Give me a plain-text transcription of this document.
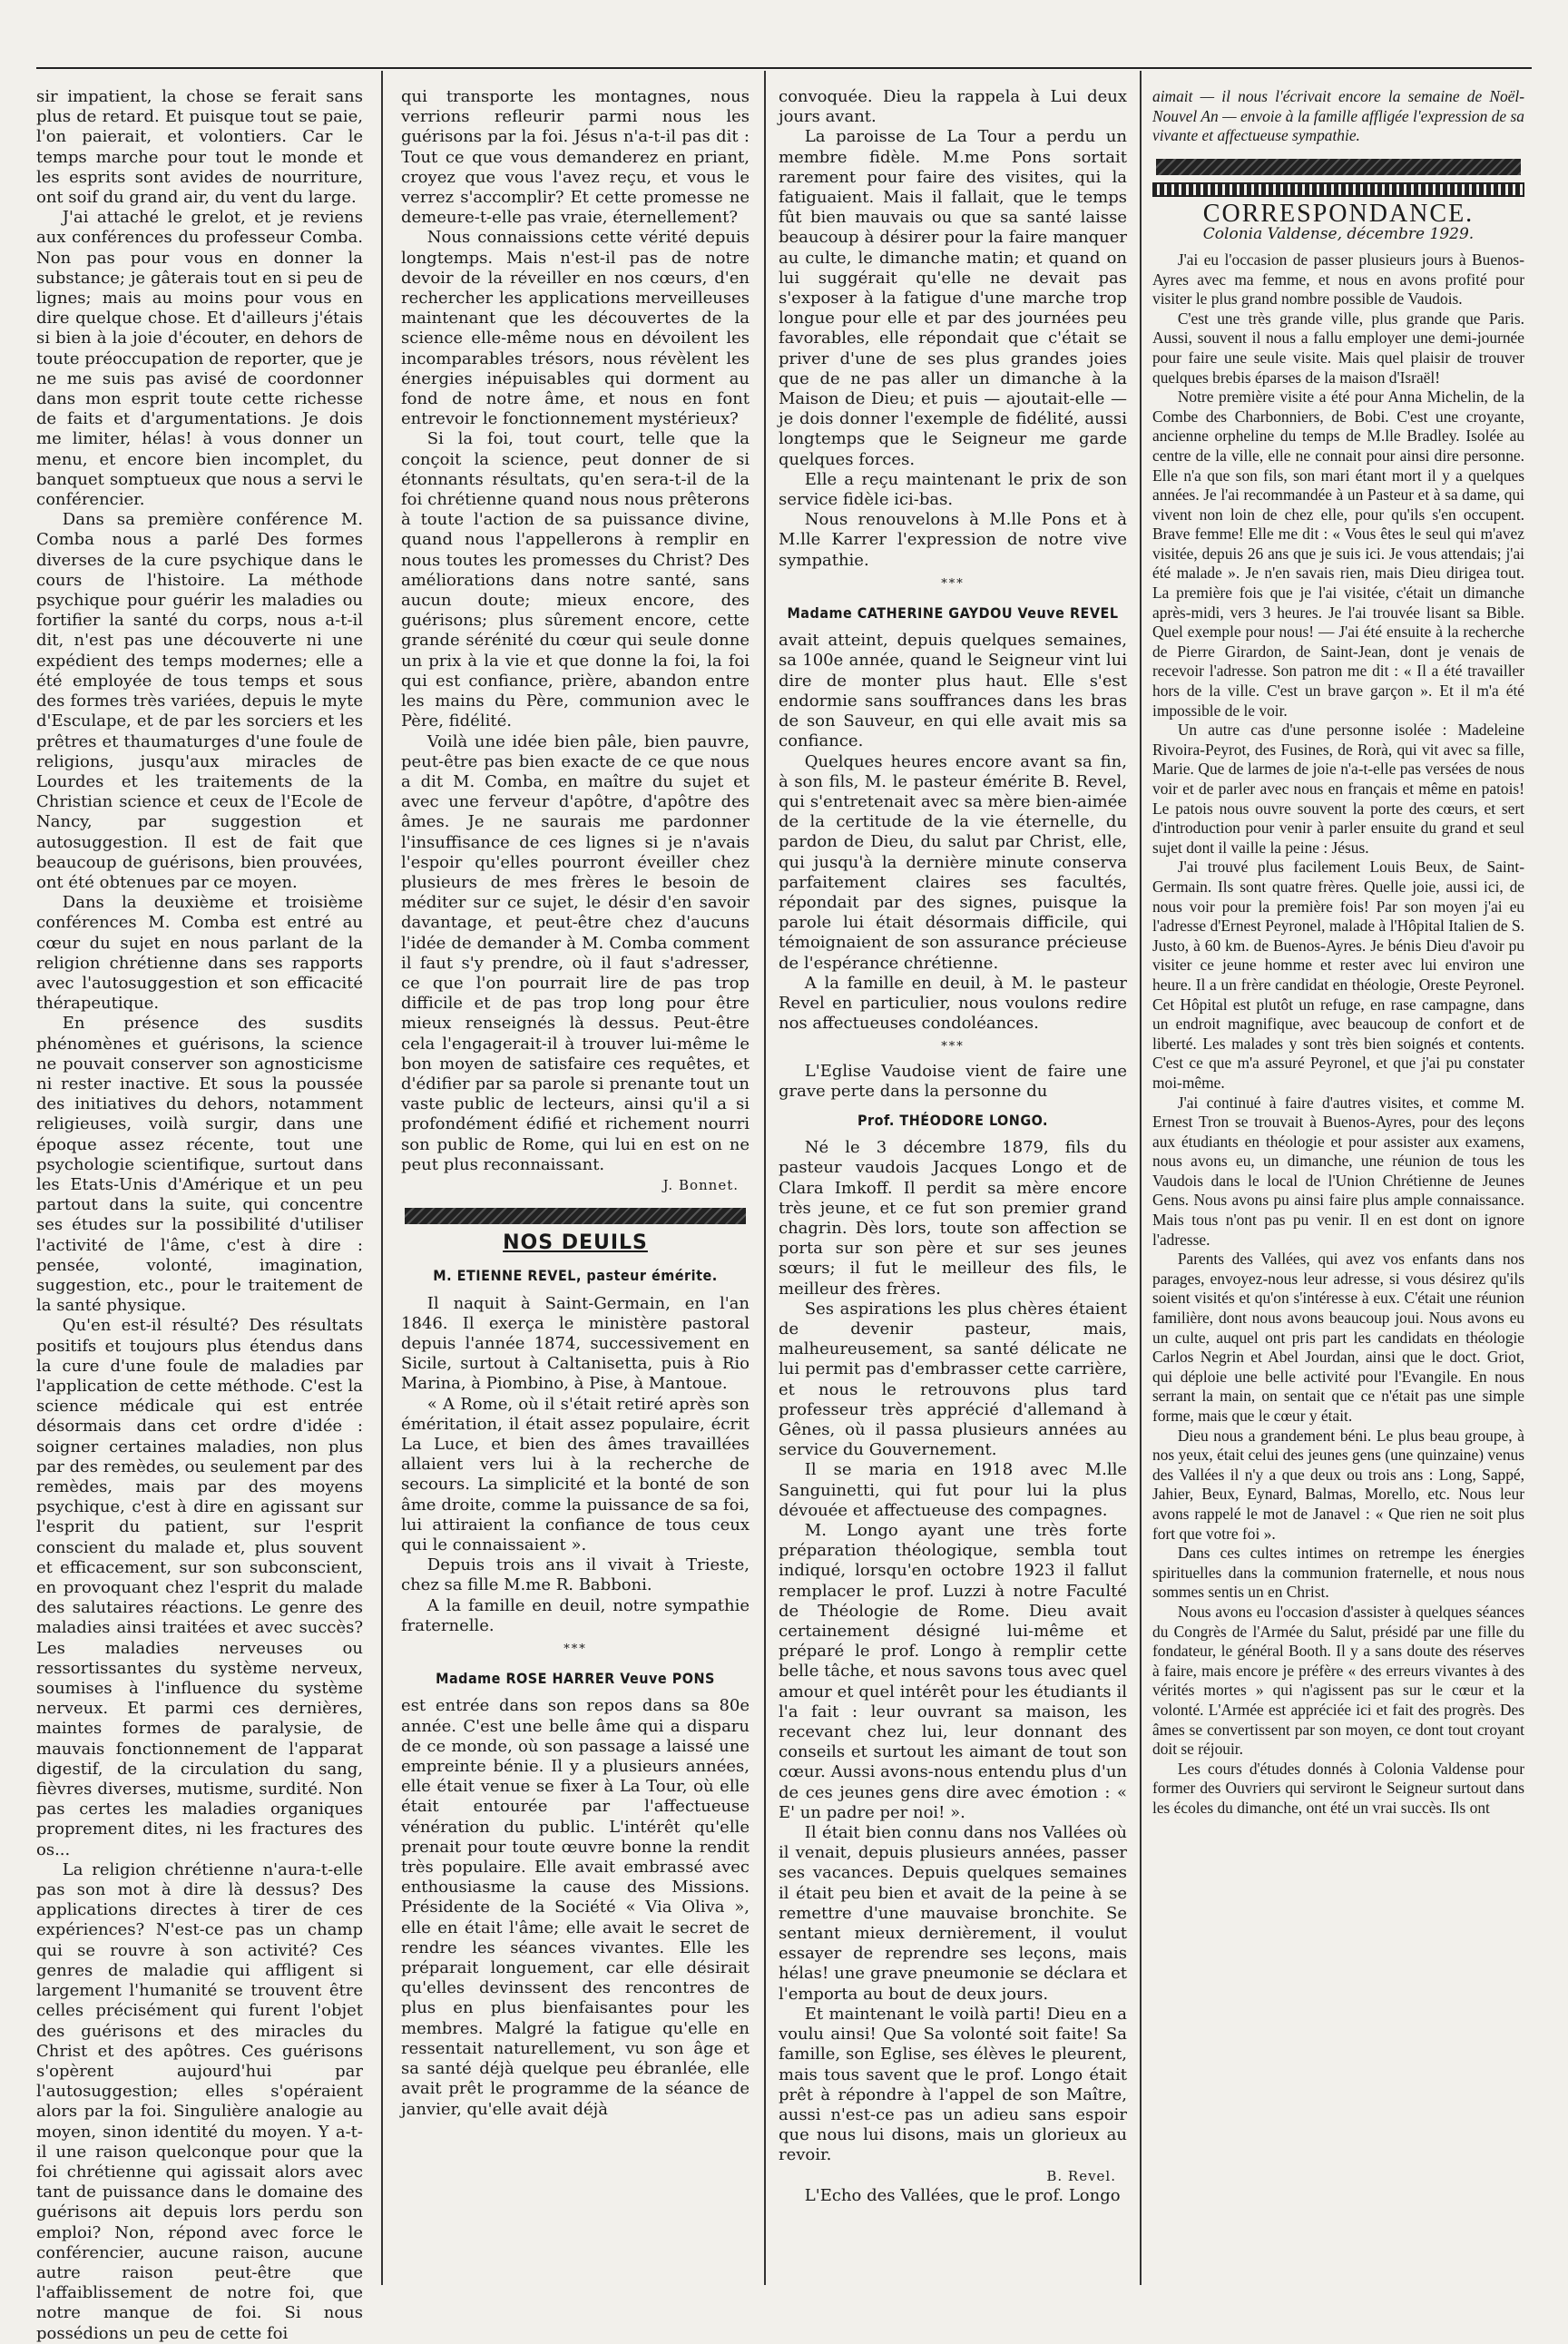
sir impatient, la chose se ferait sans plus de retard. Et puisque tout se paie, l'on paierait, et volontiers. Car le temps marche pour tout le monde et les esprits sont avides de nourriture, ont soif du grand air, du vent du large.

J'ai attaché le grelot, et je reviens aux conférences du professeur Comba. Non pas pour vous en donner la substance; je gâterais tout en si peu de lignes; mais au moins pour vous en dire quelque chose. Et d'ailleurs j'étais si bien à la joie d'écouter, en dehors de toute préoccupation de reporter, que je ne me suis pas avisé de coordonner dans mon esprit toute cette richesse de faits et d'argumentations. Je dois me limiter, hélas! à vous donner un menu, et encore bien incomplet, du banquet somptueux que nous a servi le conférencier.

Dans sa première conférence M. Comba nous a parlé Des formes diverses de la cure psychique dans le cours de l'histoire. La méthode psychique pour guérir les maladies ou fortifier la santé du corps, nous a-t-il dit, n'est pas une découverte ni une expédient des temps modernes; elle a été employée de tous temps et sous des formes très variées, depuis le myte d'Esculape, et de par les sorciers et les prêtres et thaumaturges d'une foule de religions, jusqu'aux miracles de Lourdes et les traitements de la Christian science et ceux de l'Ecole de Nancy, par suggestion et autosuggestion. Il est de fait que beaucoup de guérisons, bien prouvées, ont été obtenues par ce moyen.

Dans la deuxième et troisième conférences M. Comba est entré au cœur du sujet en nous parlant de la religion chrétienne dans ses rapports avec l'autosuggestion et son efficacité thérapeutique.

En présence des susdits phénomènes et guérisons, la science ne pouvait conserver son agnosticisme ni rester inactive. Et sous la poussée des initiatives du dehors, notamment religieuses, voilà surgir, dans une époque assez récente, tout une psychologie scientifique, surtout dans les Etats-Unis d'Amérique et un peu partout dans la suite, qui concentre ses études sur la possibilité d'utiliser l'activité de l'âme, c'est à dire : pensée, volonté, imagination, suggestion, etc., pour le traitement de la santé physique.

Qu'en est-il résulté? Des résultats positifs et toujours plus étendus dans la cure d'une foule de maladies par l'application de cette méthode. C'est la science médicale qui est entrée désormais dans cet ordre d'idée : soigner certaines maladies, non plus par des remèdes, ou seulement par des remèdes, mais par des moyens psychique, c'est à dire en agissant sur l'esprit du patient, sur l'esprit conscient du malade et, plus souvent et efficacement, sur son subconscient, en provoquant chez l'esprit du malade des salutaires réactions. Le genre des maladies ainsi traitées et avec succès? Les maladies nerveuses ou ressortissantes du système nerveux, soumises à l'influence du système nerveux. Et parmi ces dernières, maintes formes de paralysie, de mauvais fonctionnement de l'apparat digestif, de la circulation du sang, fièvres diverses, mutisme, surdité. Non pas certes les maladies organiques proprement dites, ni les fractures des os...

La religion chrétienne n'aura-t-elle pas son mot à dire là dessus? Des applications directes à tirer de ces expériences? N'est-ce pas un champ qui se rouvre à son activité? Ces genres de maladie qui affligent si largement l'humanité se trouvent être celles précisément qui furent l'objet des guérisons et des miracles du Christ et des apôtres. Ces guérisons s'opèrent aujourd'hui par l'autosuggestion; elles s'opéraient alors par la foi. Singulière analogie au moyen, sinon identité du moyen. Y a-t-il une raison quelconque pour que la foi chrétienne qui agissait alors avec tant de puissance dans le domaine des guérisons ait depuis lors perdu son emploi? Non, répond avec force le conférencier, aucune raison, aucune autre raison peut-être que l'affaiblissement de notre foi, que notre manque de foi. Si nous possédions un peu de cette foi

qui transporte les montagnes, nous verrions refleurir parmi nous les guérisons par la foi. Jésus n'a-t-il pas dit : Tout ce que vous demanderez en priant, croyez que vous l'avez reçu, et vous le verrez s'accomplir? Et cette promesse ne demeure-t-elle pas vraie, éternellement?

Nous connaissions cette vérité depuis longtemps. Mais n'est-il pas de notre devoir de la réveiller en nos cœurs, d'en rechercher les applications merveilleuses maintenant que les découvertes de la science elle-même nous en dévoilent les incomparables trésors, nous révèlent les énergies inépuisables qui dorment au fond de notre âme, et nous en font entrevoir le fonctionnement mystérieux?

Si la foi, tout court, telle que la conçoit la science, peut donner de si étonnants résultats, qu'en sera-t-il de la foi chrétienne quand nous nous prêterons à toute l'action de sa puissance divine, quand nous l'appellerons à remplir en nous toutes les promesses du Christ? Des améliorations dans notre santé, sans aucun doute; mieux encore, des guérisons; plus sûrement encore, cette grande sérénité du cœur qui seule donne un prix à la vie et que donne la foi, la foi qui est confiance, prière, abandon entre les mains du Père, communion avec le Père, fidélité.

Voilà une idée bien pâle, bien pauvre, peut-être pas bien exacte de ce que nous a dit M. Comba, en maître du sujet et avec une ferveur d'apôtre, d'apôtre des âmes. Je ne saurais me pardonner l'insuffisance de ces lignes si je n'avais l'espoir qu'elles pourront éveiller chez plusieurs de mes frères le besoin de méditer sur ce sujet, le désir d'en savoir davantage, et peut-être chez d'aucuns l'idée de demander à M. Comba comment il faut s'y prendre, où il faut s'adresser, ce que l'on pourrait lire de pas trop difficile et de pas trop long pour être mieux renseignés là dessus. Peut-être cela l'engagerait-il à trouver lui-même le bon moyen de satisfaire ces requêtes, et d'édifier par sa parole si prenante tout un vaste public de lecteurs, ainsi qu'il a si profondément édifié et richement nourri son public de Rome, qui lui en est on ne peut plus reconnaissant.

J. Bonnet.
NOS DEUILS
M. ETIENNE REVEL, pasteur émérite.

Il naquit à Saint-Germain, en l'an 1846. Il exerça le ministère pastoral depuis l'année 1874, successivement en Sicile, surtout à Caltanisetta, puis à Rio Marina, à Piombino, à Pise, à Mantoue.

« A Rome, où il s'était retiré après son éméritation, il était assez populaire, écrit La Luce, et bien des âmes travaillées allaient vers lui à la recherche de secours. La simplicité et la bonté de son âme droite, comme la puissance de sa foi, lui attiraient la confiance de tous ceux qui le connaissaient ».

Depuis trois ans il vivait à Trieste, chez sa fille M.me R. Babboni.

A la famille en deuil, notre sympathie fraternelle.

***
Madame ROSE HARRER Veuve PONS

est entrée dans son repos dans sa 80e année. C'est une belle âme qui a disparu de ce monde, où son passage a laissé une empreinte bénie. Il y a plusieurs années, elle était venue se fixer à La Tour, où elle était entourée par l'affectueuse vénération du public. L'intérêt qu'elle prenait pour toute œuvre bonne la rendit très populaire. Elle avait embrassé avec enthousiasme la cause des Missions. Présidente de la Société « Via Oliva », elle en était l'âme; elle avait le secret de rendre les séances vivantes. Elle les préparait longuement, car elle désirait qu'elles devinssent des rencontres de plus en plus bienfaisantes pour les membres. Malgré la fatigue qu'elle en ressentait naturellement, vu son âge et sa santé déjà quelque peu ébranlée, elle avait prêt le programme de la séance de janvier, qu'elle avait déjà

convoquée. Dieu la rappela à Lui deux jours avant.

La paroisse de La Tour a perdu un membre fidèle. M.me Pons sortait rarement pour faire des visites, qui la fatiguaient. Mais il fallait, que le temps fût bien mauvais ou que sa santé laisse beaucoup à désirer pour la faire manquer au culte, le dimanche matin; et quand on lui suggérait qu'elle ne devait pas s'exposer à la fatigue d'une marche trop longue pour elle et par des journées peu favorables, elle répondait que c'était se priver d'une de ses plus grandes joies que de ne pas aller un dimanche à la Maison de Dieu; et puis — ajoutait-elle — je dois donner l'exemple de fidélité, aussi longtemps que le Seigneur me garde quelques forces.

Elle a reçu maintenant le prix de son service fidèle ici-bas.

Nous renouvelons à M.lle Pons et à M.lle Karrer l'expression de notre vive sympathie.

***
Madame CATHERINE GAYDOU Veuve REVEL

avait atteint, depuis quelques semaines, sa 100e année, quand le Seigneur vint lui dire de monter plus haut. Elle s'est endormie sans souffrances dans les bras de son Sauveur, en qui elle avait mis sa confiance.

Quelques heures encore avant sa fin, à son fils, M. le pasteur émérite B. Revel, qui s'entretenait avec sa mère bien-aimée de la certitude de la vie éternelle, du pardon de Dieu, du salut par Christ, elle, qui jusqu'à la dernière minute conserva parfaitement claires ses facultés, répondait par des signes, puisque la parole lui était désormais difficile, qui témoignaient de son assurance précieuse de l'espérance chrétienne.

A la famille en deuil, à M. le pasteur Revel en particulier, nous voulons redire nos affectueuses condoléances.

***

L'Eglise Vaudoise vient de faire une grave perte dans la personne du

Prof. THÉODORE LONGO.

Né le 3 décembre 1879, fils du pasteur vaudois Jacques Longo et de Clara Imkoff. Il perdit sa mère encore très jeune, et ce fut son premier grand chagrin. Dès lors, toute son affection se porta sur son père et sur ses jeunes sœurs; il fut le meilleur des fils, le meilleur des frères.

Ses aspirations les plus chères étaient de devenir pasteur, mais, malheureusement, sa santé délicate ne lui permit pas d'embrasser cette carrière, et nous le retrouvons plus tard professeur très apprécié d'allemand à Gênes, où il passa plusieurs années au service du Gouvernement.

Il se maria en 1918 avec M.lle Sanguinetti, qui fut pour lui la plus dévouée et affectueuse des compagnes.

M. Longo ayant une très forte préparation théologique, sembla tout indiqué, lorsqu'en octobre 1923 il fallut remplacer le prof. Luzzi à notre Faculté de Théologie de Rome. Dieu avait certainement désigné lui-même et préparé le prof. Longo à remplir cette belle tâche, et nous savons tous avec quel amour et quel intérêt pour les étudiants il l'a fait : leur ouvrant sa maison, les recevant chez lui, leur donnant des conseils et surtout les aimant de tout son cœur. Aussi avons-nous entendu plus d'un de ces jeunes gens dire avec émotion : « E' un padre per noi! ».

Il était bien connu dans nos Vallées où il venait, depuis plusieurs années, passer ses vacances. Depuis quelques semaines il était peu bien et avait de la peine à se remettre d'une mauvaise bronchite. Se sentant mieux dernièrement, il voulut essayer de reprendre ses leçons, mais hélas! une grave pneumonie se déclara et l'emporta au bout de deux jours.

Et maintenant le voilà parti! Dieu en a voulu ainsi! Que Sa volonté soit faite! Sa famille, son Eglise, ses élèves le pleurent, mais tous savent que le prof. Longo était prêt à répondre à l'appel de son Maître, aussi n'est-ce pas un adieu sans espoir que nous lui disons, mais un glorieux au revoir.

B. Revel.

L'Echo des Vallées, que le prof. Longo

aimait — il nous l'écrivait encore la semaine de Noël-Nouvel An — envoie à la famille affligée l'expression de sa vivante et affectueuse sympathie.

CORRESPONDANCE.
Colonia Valdense, décembre 1929.

J'ai eu l'occasion de passer plusieurs jours à Buenos-Ayres avec ma femme, et nous en avons profité pour visiter le plus grand nombre possible de Vaudois.

C'est une très grande ville, plus grande que Paris. Aussi, souvent il nous a fallu employer une demi-journée pour faire une seule visite. Mais quel plaisir de trouver quelques brebis éparses de la maison d'Israël!

Notre première visite a été pour Anna Michelin, de la Combe des Charbonniers, de Bobi. C'est une croyante, ancienne orpheline du temps de M.lle Bradley. Isolée au centre de la ville, elle ne connait pour ainsi dire personne. Elle n'a que son fils, son mari étant mort il y a quelques années. Je l'ai recommandée à un Pasteur et à sa dame, qui vivent non loin de chez elle, pour qu'ils s'en occupent. Brave femme! Elle me dit : « Vous êtes le seul qui m'avez visitée, depuis 26 ans que je suis ici. Je vous attendais; j'ai été malade ». Je n'en savais rien, mais Dieu dirigea tout. La première fois que je l'ai visitée, c'était un dimanche après-midi, vers 3 heures. Je l'ai trouvée lisant sa Bible. Quel exemple pour nous! — J'ai été ensuite à la recherche de Pierre Girardon, de Saint-Jean, dont je venais de recevoir l'adresse. Son patron me dit : « Il a été travailler hors de la ville. C'est un brave garçon ». Et il m'a été impossible de le voir.

Un autre cas d'une personne isolée : Madeleine Rivoira-Peyrot, des Fusines, de Rorà, qui vit avec sa fille, Marie. Que de larmes de joie n'a-t-elle pas versées de nous voir et de parler avec nous en français et même en patois! Le patois nous ouvre souvent la porte des cœurs, et sert d'introduction pour venir à parler ensuite du grand et seul sujet dont il vaille la peine : Jésus.

J'ai trouvé plus facilement Louis Beux, de Saint-Germain. Ils sont quatre frères. Quelle joie, aussi ici, de nous voir pour la première fois! Par son moyen j'ai eu l'adresse d'Ernest Peyronel, malade à l'Hôpital Italien de S. Justo, à 60 km. de Buenos-Ayres. Je bénis Dieu d'avoir pu visiter ce jeune homme et rester avec lui environ une heure. Il a un frère candidat en théologie, Oreste Peyronel. Cet Hôpital est plutôt un refuge, en rase campagne, dans un endroit magnifique, avec beaucoup de confort et de liberté. Les malades y sont très bien soignés et contents. C'est ce que m'a assuré Peyronel, et que j'ai pu constater moi-même.

J'ai continué à faire d'autres visites, et comme M. Ernest Tron se trouvait à Buenos-Ayres, pour des leçons aux étudiants en théologie et pour assister aux examens, nous avons eu, un dimanche, une réunion de tous les Vaudois dans le local de l'Union Chrétienne de Jeunes Gens. Nous avons pu ainsi faire plus ample connaissance. Mais tous n'ont pas pu venir. Il en est dont on ignore l'adresse.

Parents des Vallées, qui avez vos enfants dans nos parages, envoyez-nous leur adresse, si vous désirez qu'ils soient visités et qu'on s'intéresse à eux. C'était une réunion familière, dont nous avons beaucoup joui. Nous avons eu un culte, auquel ont pris part les candidats en théologie Carlos Negrin et Abel Jourdan, ainsi que le doct. Griot, qui déploie une belle activité pour l'Evangile. En nous serrant la main, on sentait que ce n'était pas une simple forme, mais que le cœur y était.

Dieu nous a grandement béni. Le plus beau groupe, à nos yeux, était celui des jeunes gens (une quinzaine) venus des Vallées il n'y a que deux ou trois ans : Long, Sappé, Jahier, Beux, Eynard, Balmas, Morello, etc. Nous leur avons rappelé le mot de Janavel : « Que rien ne soit plus fort que votre foi ».

Dans ces cultes intimes on retrempe les énergies spirituelles dans la communion fraternelle, et nous nous sommes sentis un en Christ.

Nous avons eu l'occasion d'assister à quelques séances du Congrès de l'Armée du Salut, présidé par une fille du fondateur, le général Booth. Il y a sans doute des réserves à faire, mais encore je préfère « des erreurs vivantes à des vérités mortes » qui n'agissent pas sur le cœur et la volonté. L'Armée est appréciée ici et fait des progrès. Des âmes se convertissent par son moyen, ce dont tout croyant doit se réjouir.

Les cours d'études donnés à Colonia Valdense pour former des Ouvriers qui serviront le Seigneur surtout dans les écoles du dimanche, ont été un vrai succès. Ils ont
